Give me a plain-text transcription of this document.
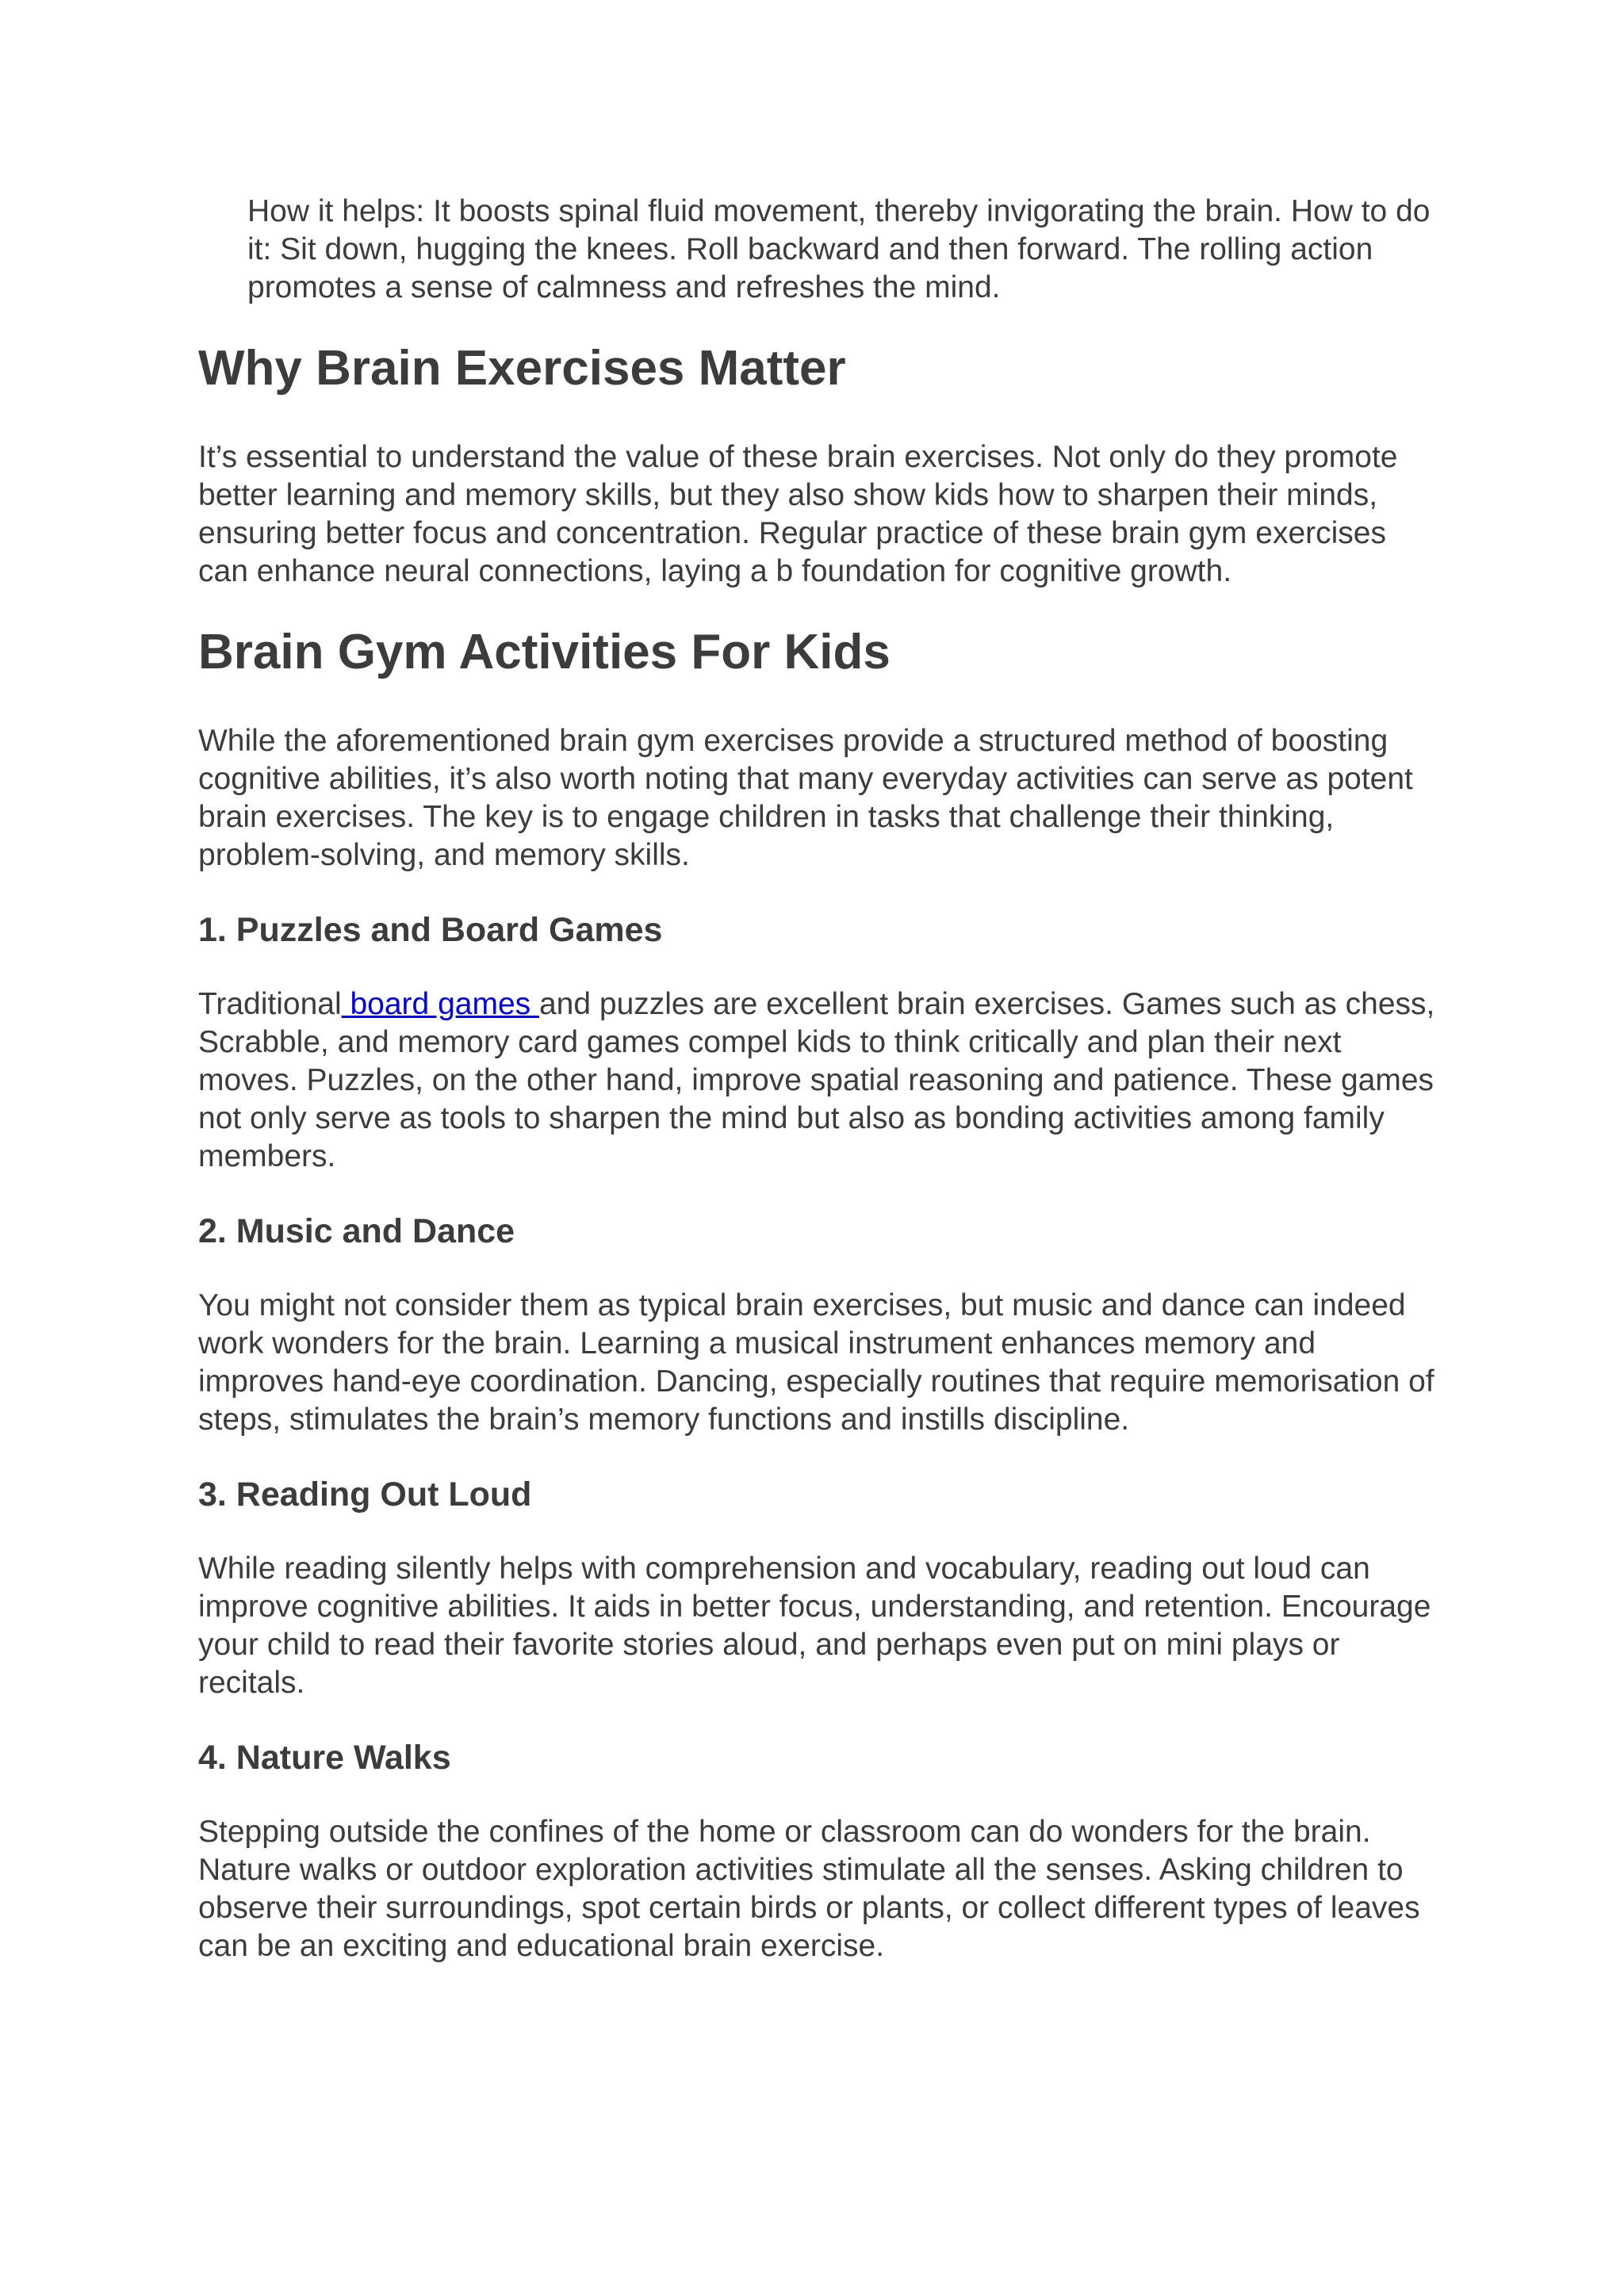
How it helps: It boosts spinal fluid movement, thereby invigorating the brain. How to do it: Sit down, hugging the knees. Roll backward and then forward. The rolling action promotes a sense of calmness and refreshes the mind.

Why Brain Exercises Matter

It’s essential to understand the value of these brain exercises. Not only do they promote better learning and memory skills, but they also show kids how to sharpen their minds, ensuring better focus and concentration. Regular practice of these brain gym exercises can enhance neural connections, laying a b foundation for cognitive growth.

Brain Gym Activities For Kids

While the aforementioned brain gym exercises provide a structured method of boosting cognitive abilities, it’s also worth noting that many everyday activities can serve as potent brain exercises. The key is to engage children in tasks that challenge their thinking, problem-solving, and memory skills.

1. Puzzles and Board Games

Traditional board games and puzzles are excellent brain exercises. Games such as chess, Scrabble, and memory card games compel kids to think critically and plan their next moves. Puzzles, on the other hand, improve spatial reasoning and patience. These games not only serve as tools to sharpen the mind but also as bonding activities among family members.

2. Music and Dance

You might not consider them as typical brain exercises, but music and dance can indeed work wonders for the brain. Learning a musical instrument enhances memory and improves hand-eye coordination. Dancing, especially routines that require memorisation of steps, stimulates the brain’s memory functions and instills discipline.

3. Reading Out Loud

While reading silently helps with comprehension and vocabulary, reading out loud can improve cognitive abilities. It aids in better focus, understanding, and retention. Encourage your child to read their favorite stories aloud, and perhaps even put on mini plays or recitals.

4. Nature Walks

Stepping outside the confines of the home or classroom can do wonders for the brain. Nature walks or outdoor exploration activities stimulate all the senses. Asking children to observe their surroundings, spot certain birds or plants, or collect different types of leaves can be an exciting and educational brain exercise.
